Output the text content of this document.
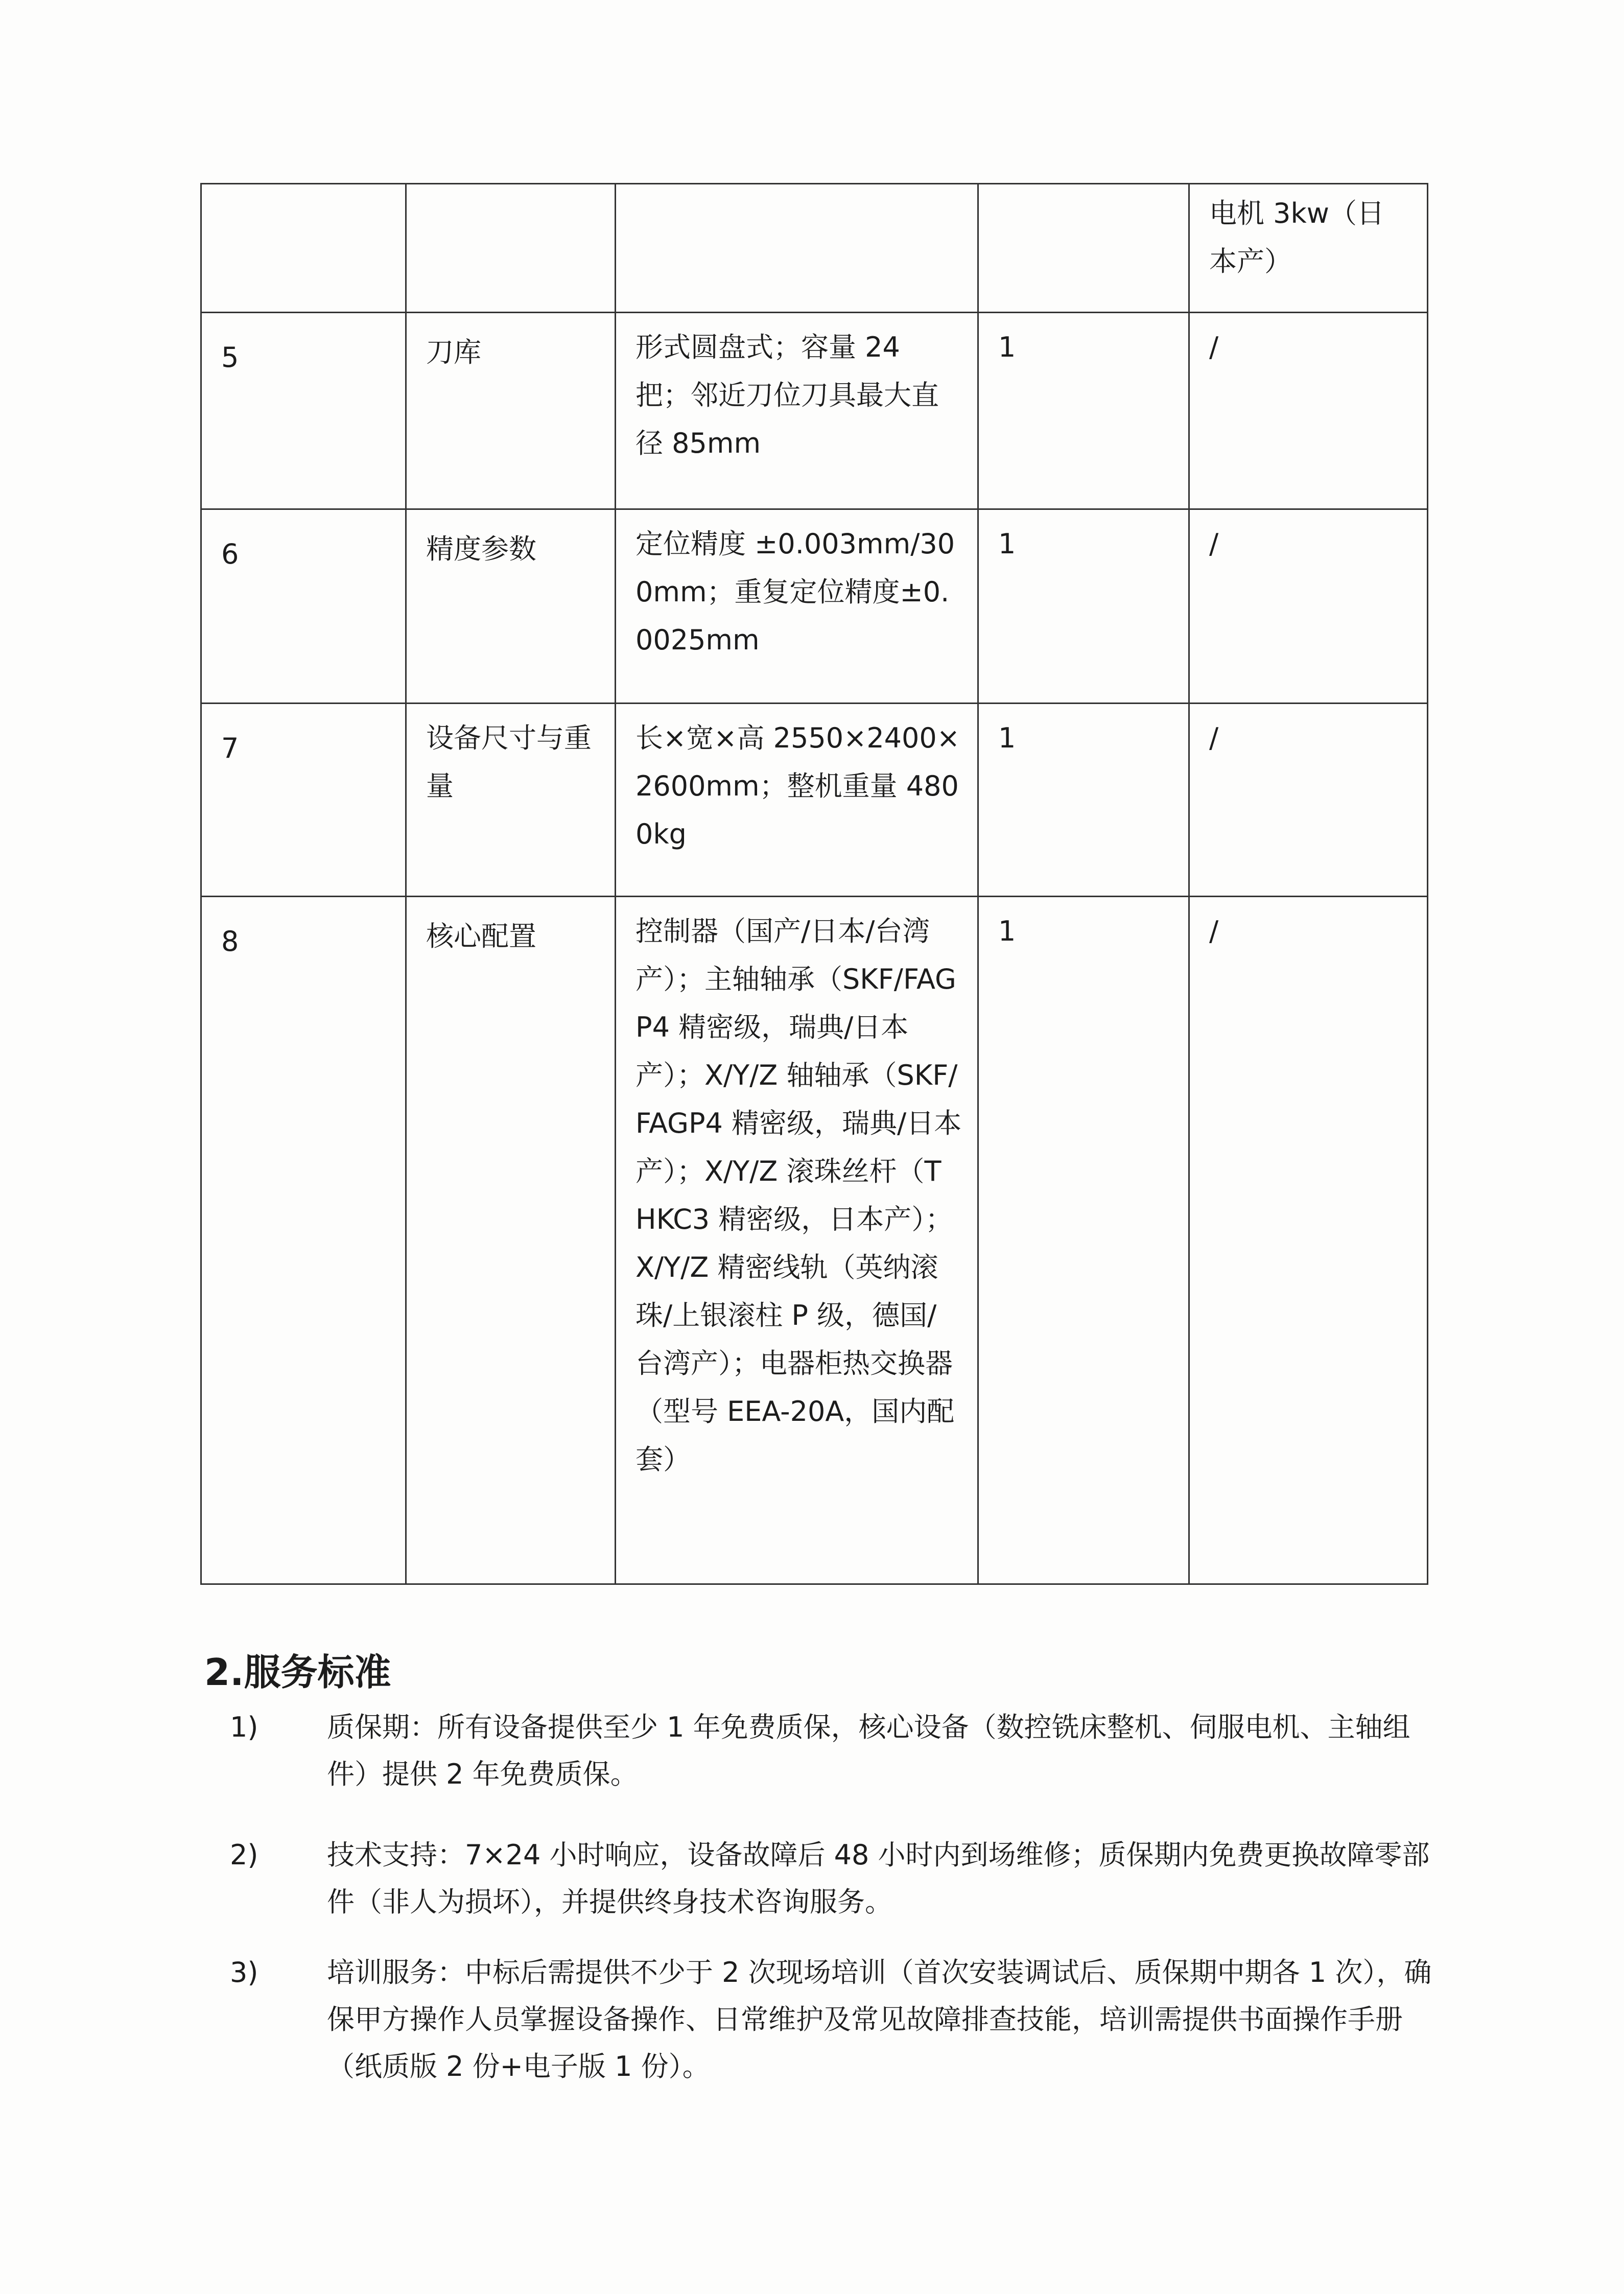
				电机 3kw（日本产）
5	刀库	形式圆盘式；容量 24 把；邻近刀位刀具最大直径 85mm	1	/
6	精度参数	定位精度 ±0.003mm/300mm；重复定位精度±0.0025mm	1	/
7	设备尺寸与重量	长×宽×高 2550×2400×2600mm；整机重量 4800kg	1	/
8	核心配置	控制器（国产/日本/台湾产）；主轴轴承（SKF/FAGP4 精密级，瑞典/日本产）；X/Y/Z 轴轴承（SKF/FAGP4 精密级，瑞典/日本产）；X/Y/Z 滚珠丝杆（THKC3 精密级，日本产）；X/Y/Z 精密线轨（英纳滚珠/上银滚柱 P 级，德国/台湾产）；电器柜热交换器（型号 EEA-20A，国内配套）	1	/
2.服务标准
1) 质保期：所有设备提供至少 1 年免费质保，核心设备（数控铣床整机、伺服电机、主轴组件）提供 2 年免费质保。
2) 技术支持：7×24 小时响应，设备故障后 48 小时内到场维修；质保期内免费更换故障零部件（非人为损坏），并提供终身技术咨询服务。
3) 培训服务：中标后需提供不少于 2 次现场培训（首次安装调试后、质保期中期各 1 次），确保甲方操作人员掌握设备操作、日常维护及常见故障排查技能，培训需提供书面操作手册（纸质版 2 份+电子版 1 份）。
